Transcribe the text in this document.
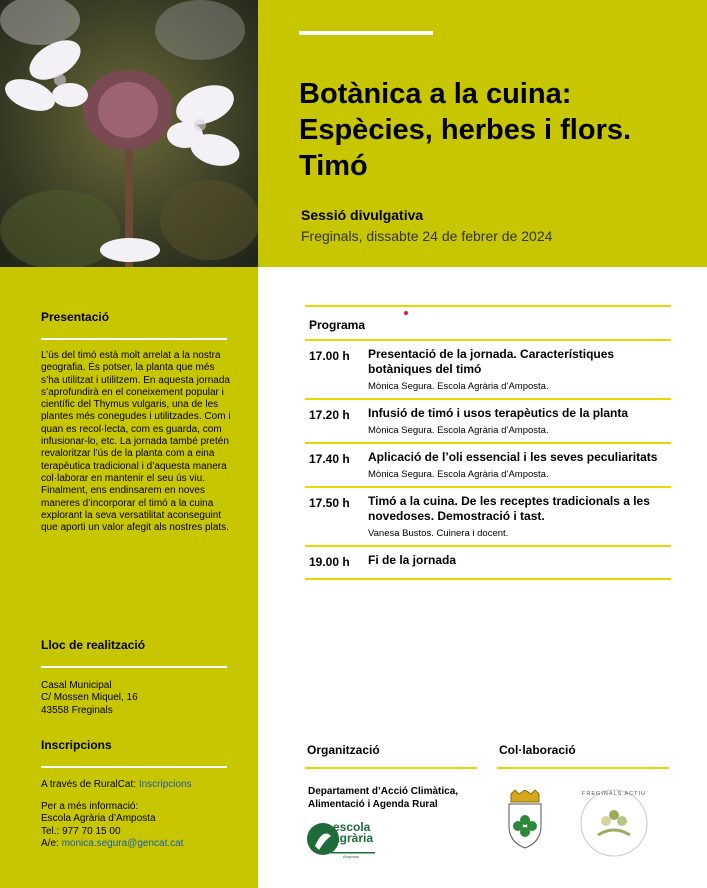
Botànica a la cuina:
Espècies, herbes i flors.
Timó
Sessió divulgativa
Freginals, dissabte 24 de febrer de 2024
Presentació
L’ús del timó està molt arrelat a la nostra geografia. És potser, la planta que més s’ha utilitzat i utilitzem. En aquesta jornada s’aprofundirà en el coneixement popular i científic del Thymus vulgaris, una de les plantes més conegudes i utilitzades. Com i quan es recol·lecta, com es guarda, com infusionar-lo, etc. La jornada també pretén revaloritzar l’ús de la planta com a eina terapèutica tradicional i d’aquesta manera col·laborar en mantenir el seu ús viu. Finalment, ens endinsarem en noves maneres d’incorporar el timó a la cuina explorant la seva versatilitat aconseguint que aporti un valor afegit als nostres plats.
Lloc de realització
Casal Municipal
C/ Mossen Miquel, 16
43558 Freginals
Inscripcions
A través de RuralCat: Inscripcions
Per a més informació:
Escola Agrària d’Amposta
Tel.: 977 70 15 00
A/e: monica.segura@gencat.cat
Programa
17.00 h Presentació de la jornada. Característiques botàniques del timó
Mònica Segura. Escola Agrària d’Amposta.
17.20 h Infusió de timó i usos terapèutics de la planta
Mònica Segura. Escola Agrària d’Amposta.
17.40 h Aplicació de l’oli essencial i les seves peculiaritats
Mònica Segura. Escola Agrària d’Amposta.
17.50 h Timó a la cuina. De les receptes tradicionals a les novedoses. Demostració i tast.
Vanesa Bustos. Cuinera i docent.
19.00 h Fi de la jornada
Organització
Departament d’Acció Climàtica, Alimentació i Agenda Rural
escola
agrària
Amposta
Col·laboració
FREGINALS ACTIU
